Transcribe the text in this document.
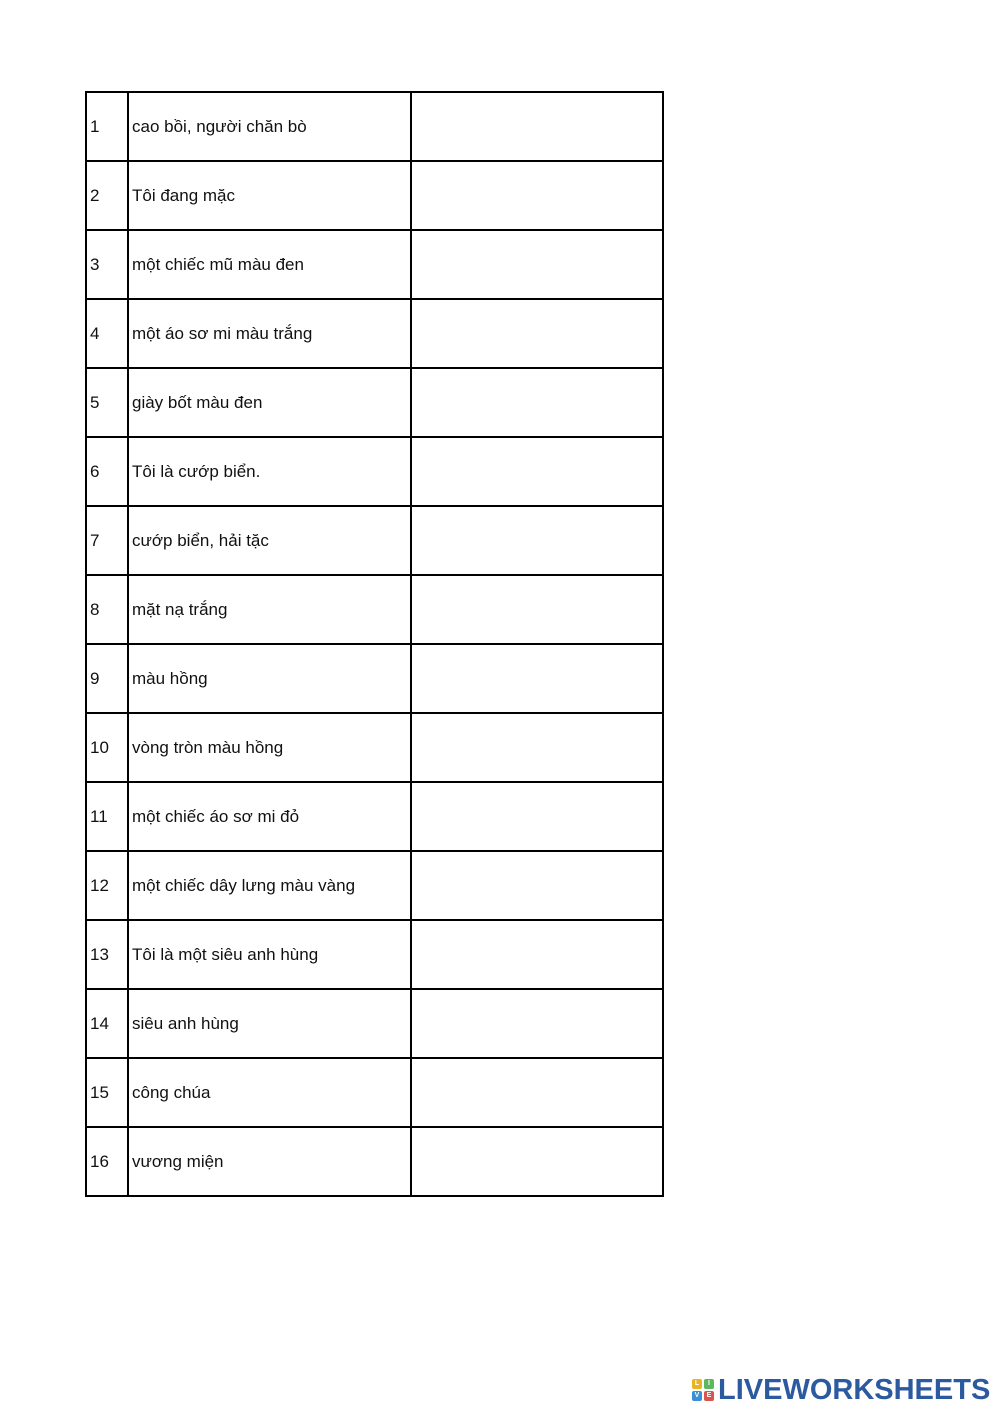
1	cao bồi, người chăn bò	
2	Tôi đang mặc	
3	một chiếc mũ màu đen	
4	một áo sơ mi màu trắng	
5	giày bốt màu đen	
6	Tôi là cướp biển.	
7	cướp biển, hải tặc	
8	mặt nạ trắng	
9	màu hồng	
10	vòng tròn màu hồng	
11	một chiếc áo sơ mi đỏ	
12	một chiếc dây lưng màu vàng	
13	Tôi là một siêu anh hùng	
14	siêu anh hùng	
15	công chúa	
16	vương miện	
L	I
V	E LIVEWORKSHEETS
